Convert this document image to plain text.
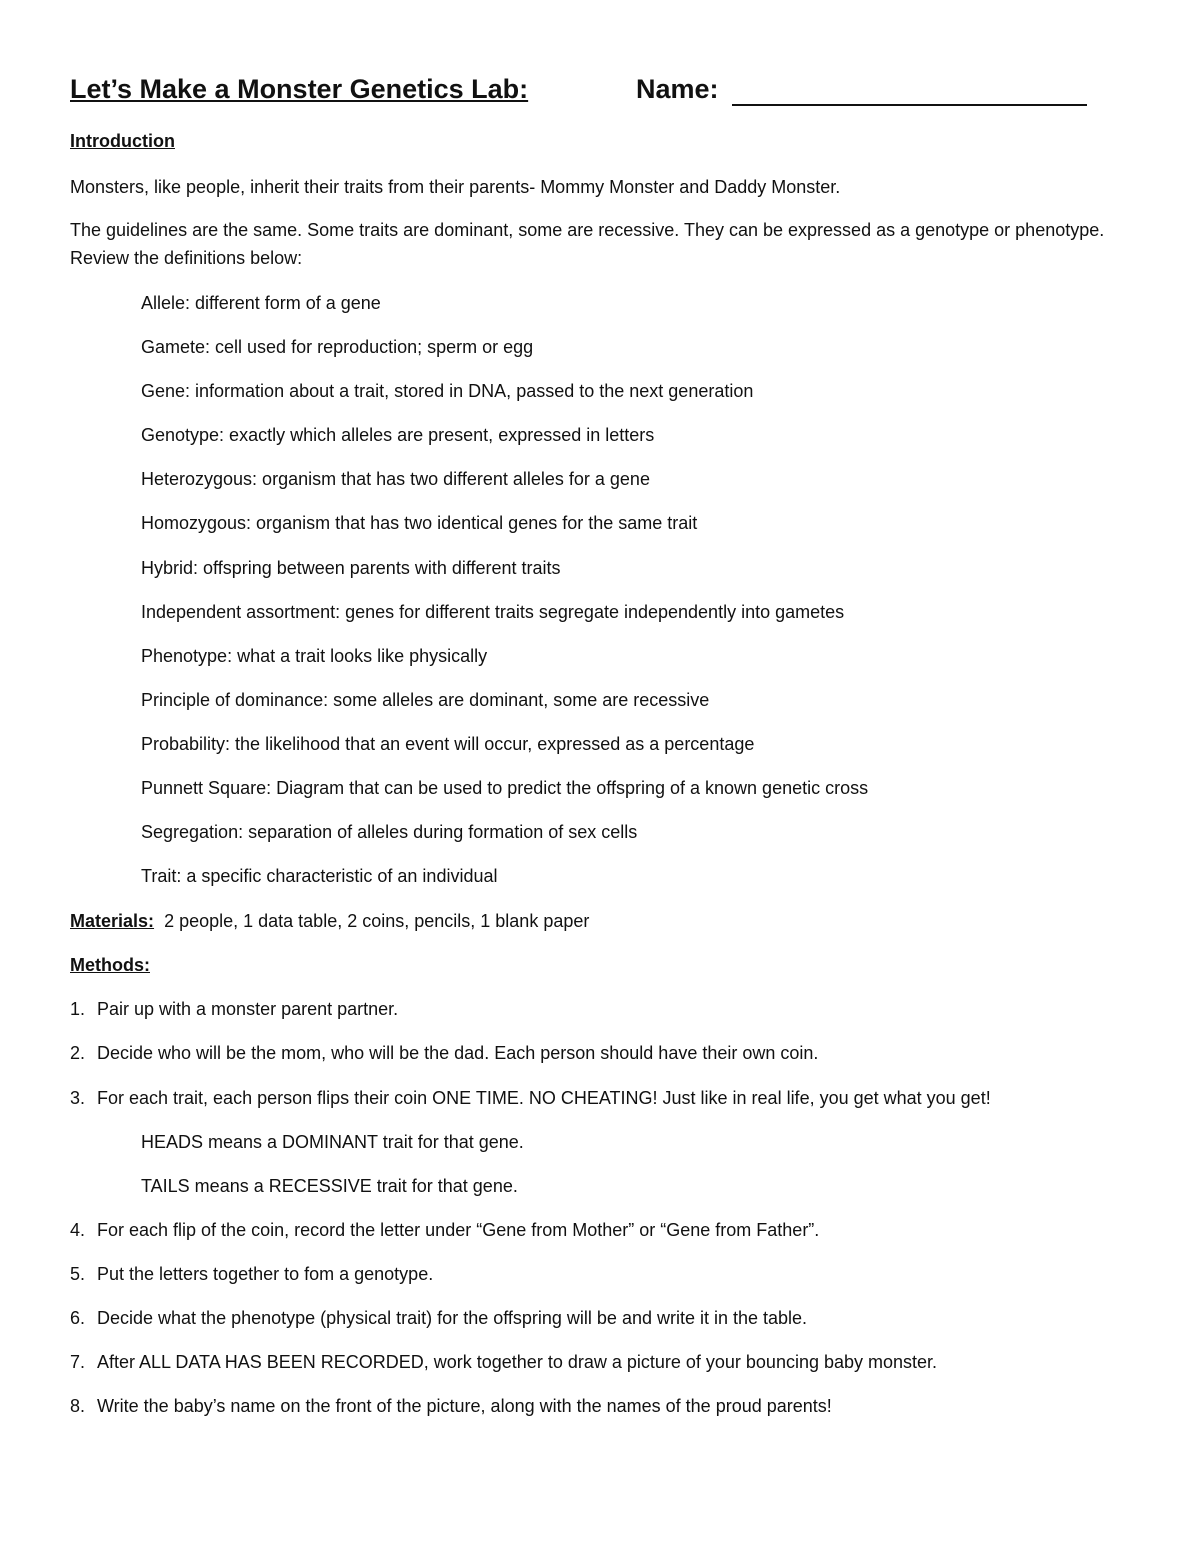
Let’s Make a Monster Genetics Lab:	Name:
Introduction
Monsters, like people, inherit their traits from their parents- Mommy Monster and Daddy Monster.
The guidelines are the same. Some traits are dominant, some are recessive. They can be expressed as a genotype or phenotype. Review the definitions below:
Allele: different form of a gene
Gamete: cell used for reproduction; sperm or egg
Gene: information about a trait, stored in DNA, passed to the next generation
Genotype: exactly which alleles are present, expressed in letters
Heterozygous: organism that has two different alleles for a gene
Homozygous: organism that has two identical genes for the same trait
Hybrid: offspring between parents with different traits
Independent assortment: genes for different traits segregate independently into gametes
Phenotype: what a trait looks like physically
Principle of dominance: some alleles are dominant, some are recessive
Probability: the likelihood that an event will occur, expressed as a percentage
Punnett Square: Diagram that can be used to predict the offspring of a known genetic cross
Segregation: separation of alleles during formation of sex cells
Trait: a specific characteristic of an individual
Materials: 2 people, 1 data table, 2 coins, pencils, 1 blank paper
Methods:
1. Pair up with a monster parent partner.
2. Decide who will be the mom, who will be the dad. Each person should have their own coin.
3. For each trait, each person flips their coin ONE TIME. NO CHEATING! Just like in real life, you get what you get!
HEADS means a DOMINANT trait for that gene.
TAILS means a RECESSIVE trait for that gene.
4. For each flip of the coin, record the letter under “Gene from Mother” or “Gene from Father”.
5. Put the letters together to fom a genotype.
6. Decide what the phenotype (physical trait) for the offspring will be and write it in the table.
7. After ALL DATA HAS BEEN RECORDED, work together to draw a picture of your bouncing baby monster.
8. Write the baby’s name on the front of the picture, along with the names of the proud parents!
